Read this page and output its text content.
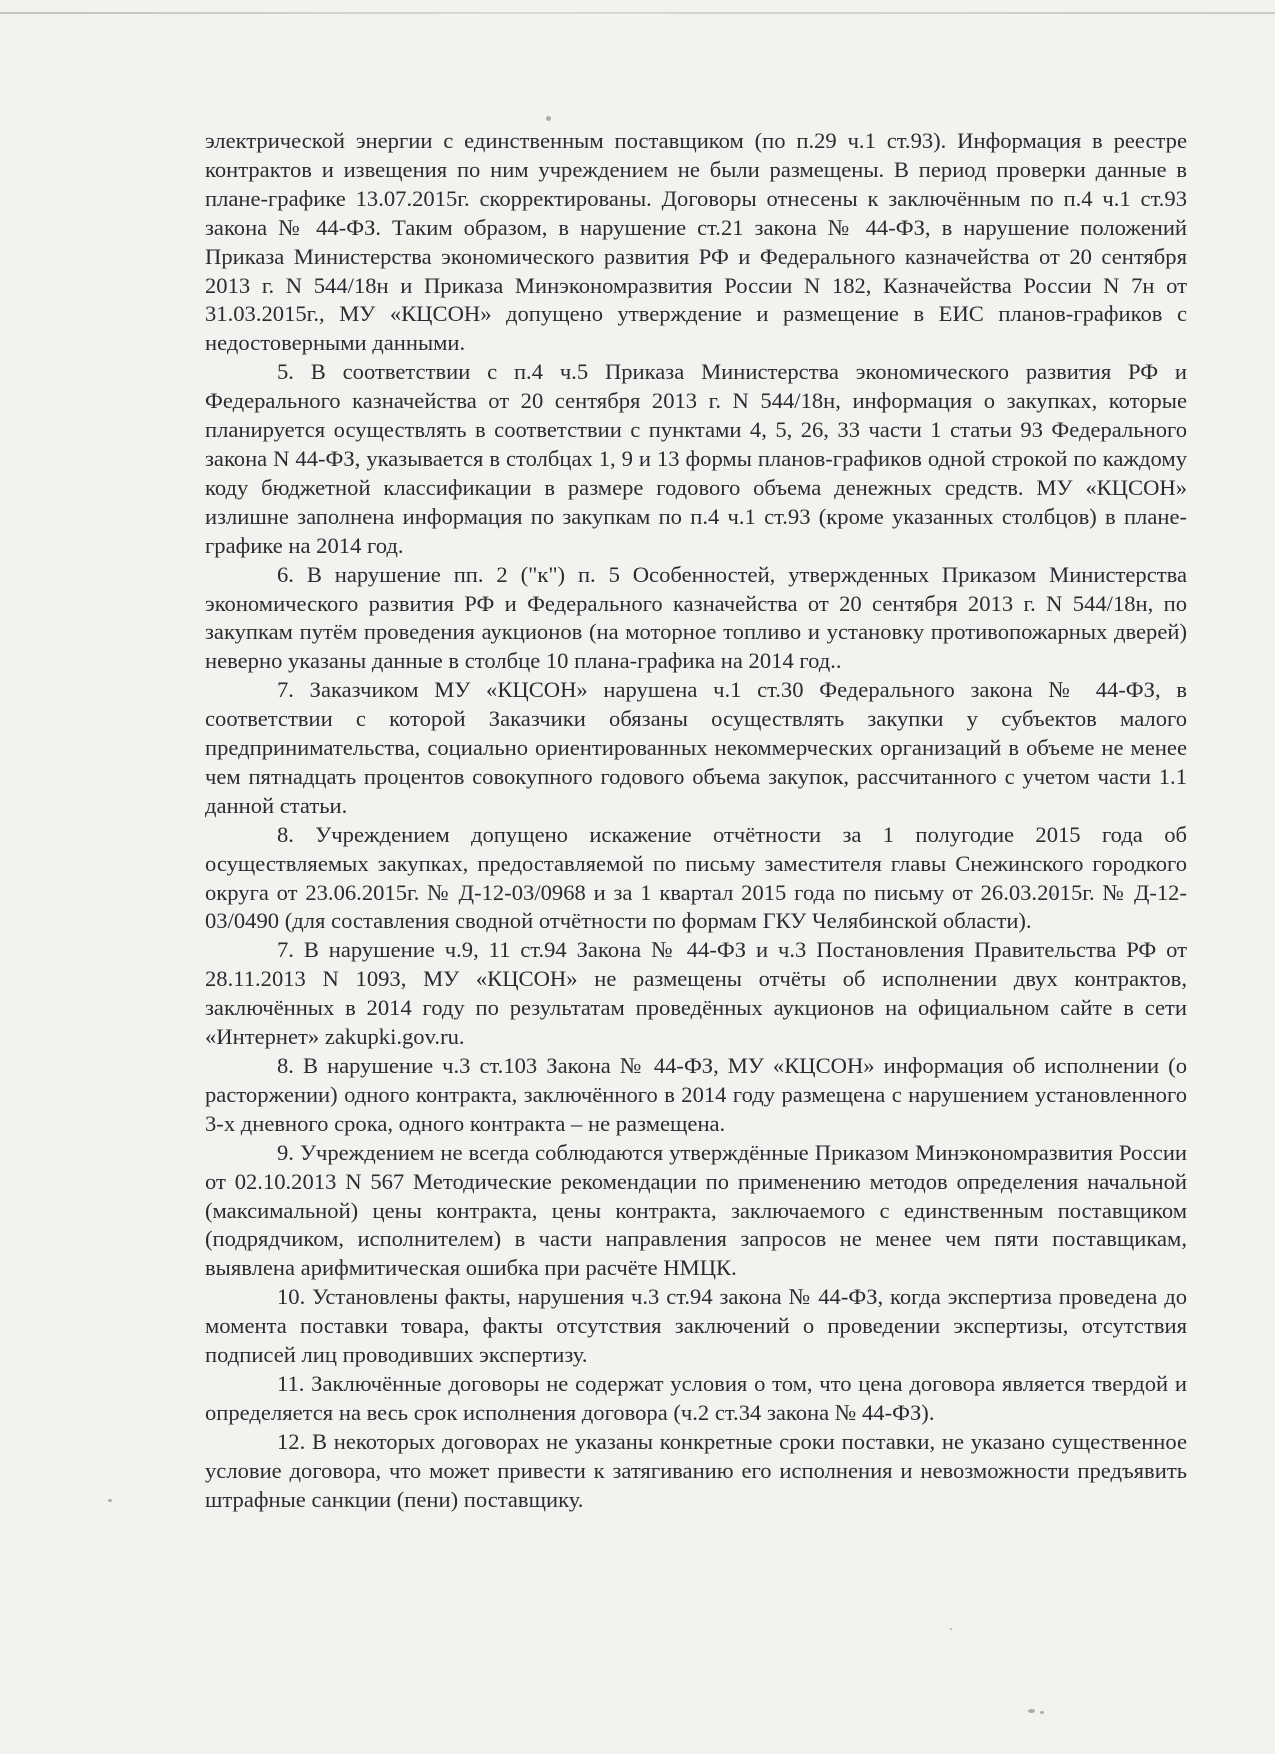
электрической энергии с единственным поставщиком (по п.29 ч.1 ст.93). Информация в реестре контрактов и извещения по ним учреждением не были размещены. В период проверки данные в плане-графике 13.07.2015г. скорректированы. Договоры отнесены к заключённым по п.4 ч.1 ст.93 закона № 44-ФЗ. Таким образом, в нарушение ст.21 закона № 44-ФЗ, в нарушение положений Приказа Министерства экономического развития РФ и Федерального казначейства от 20 сентября 2013 г. N 544/18н и Приказа Минэкономразвития России N 182, Казначейства России N 7н от 31.03.2015г., МУ «КЦСОН» допущено утверждение и размещение в ЕИС планов-графиков с недостоверными данными.

5. В соответствии с п.4 ч.5 Приказа Министерства экономического развития РФ и Федерального казначейства от 20 сентября 2013 г. N 544/18н, информация о закупках, которые планируется осуществлять в соответствии с пунктами 4, 5, 26, 33 части 1 статьи 93 Федерального закона N 44-ФЗ, указывается в столбцах 1, 9 и 13 формы планов-графиков одной строкой по каждому коду бюджетной классификации в размере годового объема денежных средств. МУ «КЦСОН» излишне заполнена информация по закупкам по п.4 ч.1 ст.93 (кроме указанных столбцов) в плане-графике на 2014 год.

6. В нарушение пп. 2 ("к") п. 5 Особенностей, утвержденных Приказом Министерства экономического развития РФ и Федерального казначейства от 20 сентября 2013 г. N 544/18н, по закупкам путём проведения аукционов (на моторное топливо и установку противопожарных дверей) неверно указаны данные в столбце 10 плана-графика на 2014 год..

7. Заказчиком МУ «КЦСОН» нарушена ч.1 ст.30 Федерального закона № 44-ФЗ, в соответствии с которой Заказчики обязаны осуществлять закупки у субъектов малого предпринимательства, социально ориентированных некоммерческих организаций в объеме не менее чем пятнадцать процентов совокупного годового объема закупок, рассчитанного с учетом части 1.1 данной статьи.

8. Учреждением допущено искажение отчётности за 1 полугодие 2015 года об осуществляемых закупках, предоставляемой по письму заместителя главы Снежинского городкого округа от 23.06.2015г. № Д-12-03/0968 и за 1 квартал 2015 года по письму от 26.03.2015г. № Д-12-03/0490 (для составления сводной отчётности по формам ГКУ Челябинской области).

7. В нарушение ч.9, 11 ст.94 Закона № 44-ФЗ и ч.3 Постановления Правительства РФ от 28.11.2013 N 1093, МУ «КЦСОН» не размещены отчёты об исполнении двух контрактов, заключённых в 2014 году по результатам проведённых аукционов на официальном сайте в сети «Интернет» zakupki.gov.ru.

8. В нарушение ч.3 ст.103 Закона № 44-ФЗ, МУ «КЦСОН» информация об исполнении (о расторжении) одного контракта, заключённого в 2014 году размещена с нарушением установленного 3-х дневного срока, одного контракта – не размещена.

9. Учреждением не всегда соблюдаются утверждённые Приказом Минэкономразвития России от 02.10.2013 N 567 Методические рекомендации по применению методов определения начальной (максимальной) цены контракта, цены контракта, заключаемого с единственным поставщиком (подрядчиком, исполнителем) в части направления запросов не менее чем пяти поставщикам, выявлена арифмитическая ошибка при расчёте НМЦК.

10. Установлены факты, нарушения ч.3 ст.94 закона № 44-ФЗ, когда экспертиза проведена до момента поставки товара, факты отсутствия заключений о проведении экспертизы, отсутствия подписей лиц проводивших экспертизу.

11. Заключённые договоры не содержат условия о том, что цена договора является твердой и определяется на весь срок исполнения договора (ч.2 ст.34 закона № 44-ФЗ).

12. В некоторых договорах не указаны конкретные сроки поставки, не указано существенное условие договора, что может привести к затягиванию его исполнения и невозможности предъявить штрафные санкции (пени) поставщику.
